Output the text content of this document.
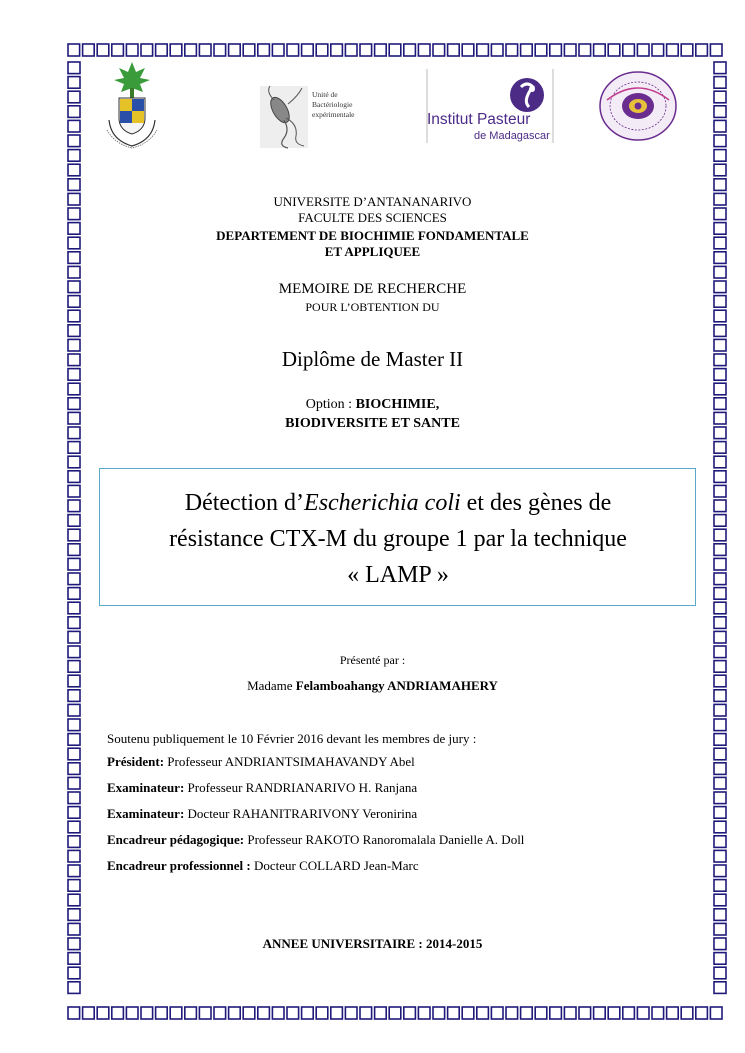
Unité de
Bactériologie
expérimentale	Institut Pasteur
de Madagascar
UNIVERSITE D’ANTANANARIVO
FACULTE DES SCIENCES
DEPARTEMENT DE BIOCHIMIE FONDAMENTALE
ET APPLIQUEE
MEMOIRE DE RECHERCHE
POUR L’OBTENTION DU
Diplôme de Master II
Option : BIOCHIMIE,
BIODIVERSITE ET SANTE
Détection d’Escherichia coli et des gènes de
résistance CTX-M du groupe 1 par la technique
« LAMP »
Présenté par :
Madame Felamboahangy ANDRIAMAHERY
Soutenu publiquement le 10 Février 2016 devant les membres de jury :
Président: Professeur ANDRIANTSIMAHAVANDY Abel
Examinateur: Professeur RANDRIANARIVO H. Ranjana
Examinateur: Docteur RAHANITRARIVONY Veronirina
Encadreur pédagogique: Professeur RAKOTO Ranoromalala Danielle A. Doll
Encadreur professionnel : Docteur COLLARD Jean-Marc
ANNEE UNIVERSITAIRE : 2014-2015
